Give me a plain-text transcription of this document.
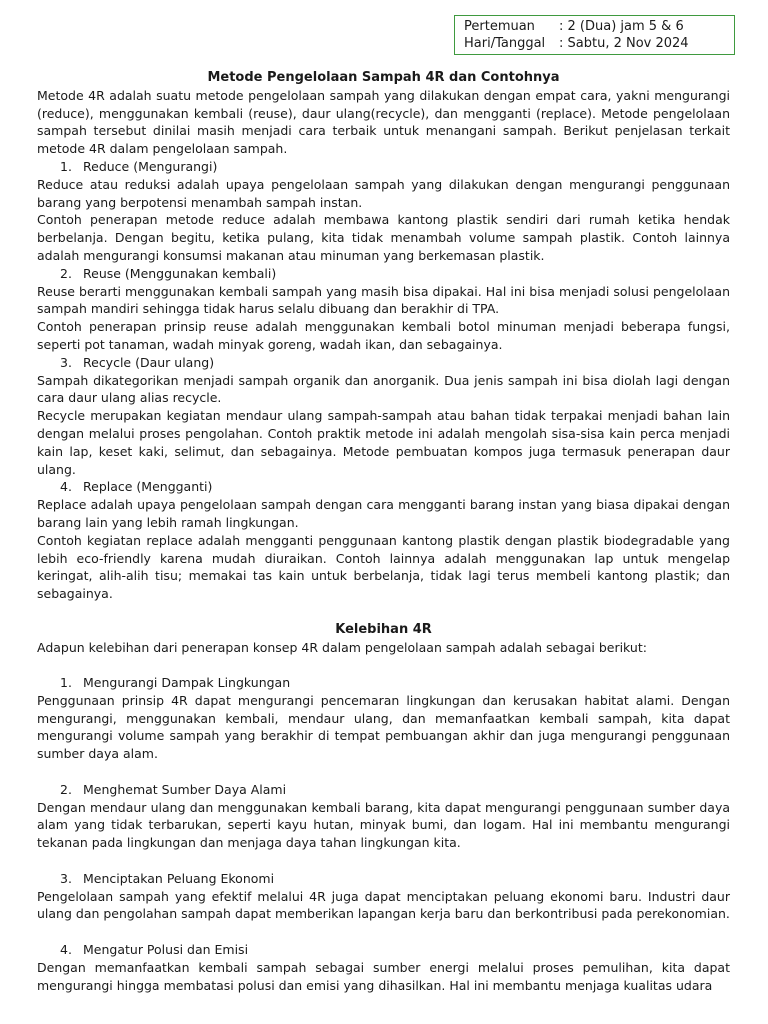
Pertemuan	: 2 (Dua) jam 5 & 6
Hari/Tanggal	: Sabtu, 2 Nov 2024
Metode Pengelolaan Sampah 4R dan Contohnya

Metode 4R adalah suatu metode pengelolaan sampah yang dilakukan dengan empat cara, yakni mengurangi (reduce), menggunakan kembali (reuse), daur ulang(recycle), dan mengganti (replace). Metode pengelolaan sampah tersebut dinilai masih menjadi cara terbaik untuk menangani sampah. Berikut penjelasan terkait metode 4R dalam pengelolaan sampah.

1. Reduce (Mengurangi)

Reduce atau reduksi adalah upaya pengelolaan sampah yang dilakukan dengan mengurangi penggunaan barang yang berpotensi menambah sampah instan.

Contoh penerapan metode reduce adalah membawa kantong plastik sendiri dari rumah ketika hendak berbelanja. Dengan begitu, ketika pulang, kita tidak menambah volume sampah plastik. Contoh lainnya adalah mengurangi konsumsi makanan atau minuman yang berkemasan plastik.

2. Reuse (Menggunakan kembali)

Reuse berarti menggunakan kembali sampah yang masih bisa dipakai. Hal ini bisa menjadi solusi pengelolaan sampah mandiri sehingga tidak harus selalu dibuang dan berakhir di TPA.

Contoh penerapan prinsip reuse adalah menggunakan kembali botol minuman menjadi beberapa fungsi, seperti pot tanaman, wadah minyak goreng, wadah ikan, dan sebagainya.

3. Recycle (Daur ulang)

Sampah dikategorikan menjadi sampah organik dan anorganik. Dua jenis sampah ini bisa diolah lagi dengan cara daur ulang alias recycle.

Recycle merupakan kegiatan mendaur ulang sampah-sampah atau bahan tidak terpakai menjadi bahan lain dengan melalui proses pengolahan. Contoh praktik metode ini adalah mengolah sisa-sisa kain perca menjadi kain lap, keset kaki, selimut, dan sebagainya. Metode pembuatan kompos juga termasuk penerapan daur ulang.

4. Replace (Mengganti)

Replace adalah upaya pengelolaan sampah dengan cara mengganti barang instan yang biasa dipakai dengan barang lain yang lebih ramah lingkungan.

Contoh kegiatan replace adalah mengganti penggunaan kantong plastik dengan plastik biodegradable yang lebih eco-friendly karena mudah diuraikan. Contoh lainnya adalah menggunakan lap untuk mengelap keringat, alih-alih tisu; memakai tas kain untuk berbelanja, tidak lagi terus membeli kantong plastik; dan sebagainya.

Kelebihan 4R

Adapun kelebihan dari penerapan konsep 4R dalam pengelolaan sampah adalah sebagai berikut:

1. Mengurangi Dampak Lingkungan

Penggunaan prinsip 4R dapat mengurangi pencemaran lingkungan dan kerusakan habitat alami. Dengan mengurangi, menggunakan kembali, mendaur ulang, dan memanfaatkan kembali sampah, kita dapat mengurangi volume sampah yang berakhir di tempat pembuangan akhir dan juga mengurangi penggunaan sumber daya alam.

2. Menghemat Sumber Daya Alami

Dengan mendaur ulang dan menggunakan kembali barang, kita dapat mengurangi penggunaan sumber daya alam yang tidak terbarukan, seperti kayu hutan, minyak bumi, dan logam. Hal ini membantu mengurangi tekanan pada lingkungan dan menjaga daya tahan lingkungan kita.

3. Menciptakan Peluang Ekonomi

Pengelolaan sampah yang efektif melalui 4R juga dapat menciptakan peluang ekonomi baru. Industri daur ulang dan pengolahan sampah dapat memberikan lapangan kerja baru dan berkontribusi pada perekonomian.

4. Mengatur Polusi dan Emisi

Dengan memanfaatkan kembali sampah sebagai sumber energi melalui proses pemulihan, kita dapat mengurangi hingga membatasi polusi dan emisi yang dihasilkan. Hal ini membantu menjaga kualitas udara
